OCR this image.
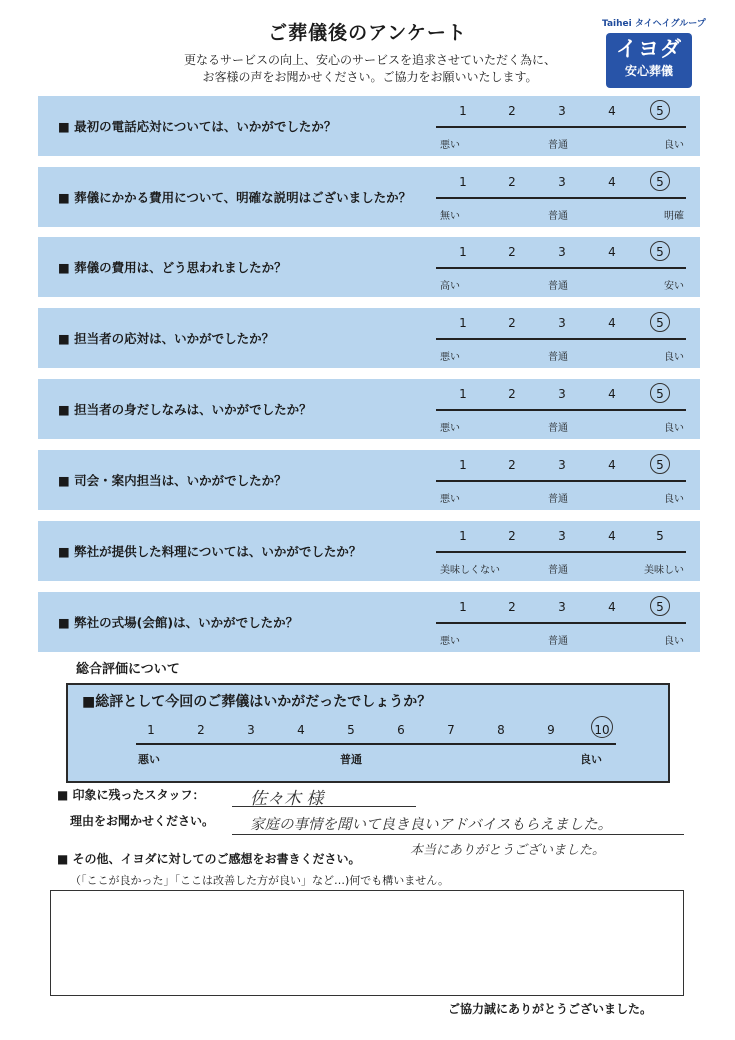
ご葬儀後のアンケート
更なるサービスの向上、安心のサービスを追求させていただく為に、
お客様の声をお聞かせください。ご協力をお願いいたします。
Taihei タイヘイグループ
イヨダ
安心葬儀
■ 最初の電話応対については、いかがでしたか？
1	2	3	4	5
悪い	普通	良い
■ 葬儀にかかる費用について、明確な説明はございましたか？
1	2	3	4	5
無い	普通	明確
■ 葬儀の費用は、どう思われましたか？
1	2	3	4	5
高い	普通	安い
■ 担当者の応対は、いかがでしたか？
1	2	3	4	5
悪い	普通	良い
■ 担当者の身だしなみは、いかがでしたか？
1	2	3	4	5
悪い	普通	良い
■ 司会・案内担当は、いかがでしたか？
1	2	3	4	5
悪い	普通	良い
■ 弊社が提供した料理については、いかがでしたか？
1	2	3	4	5
美味しくない	普通	美味しい
■ 弊社の式場(会館)は、いかがでしたか？
1	2	3	4	5
悪い	普通	良い
総合評価について
■総評として今回のご葬儀はいかがだったでしょうか？
悪い	普通	良い
1	2	3	4	5	6	7	8	9	10
■ 印象に残ったスタッフ：	佐々木 様
理由をお聞かせください。 家庭の事情を聞いて良き良いアドバイスもらえました。
本当にありがとうございました。
■ その他、イヨダに対してのご感想をお書きください。
（「ここが良かった」「ここは改善した方が良い」など…)何でも構いません。
ご協力誠にありがとうございました。
